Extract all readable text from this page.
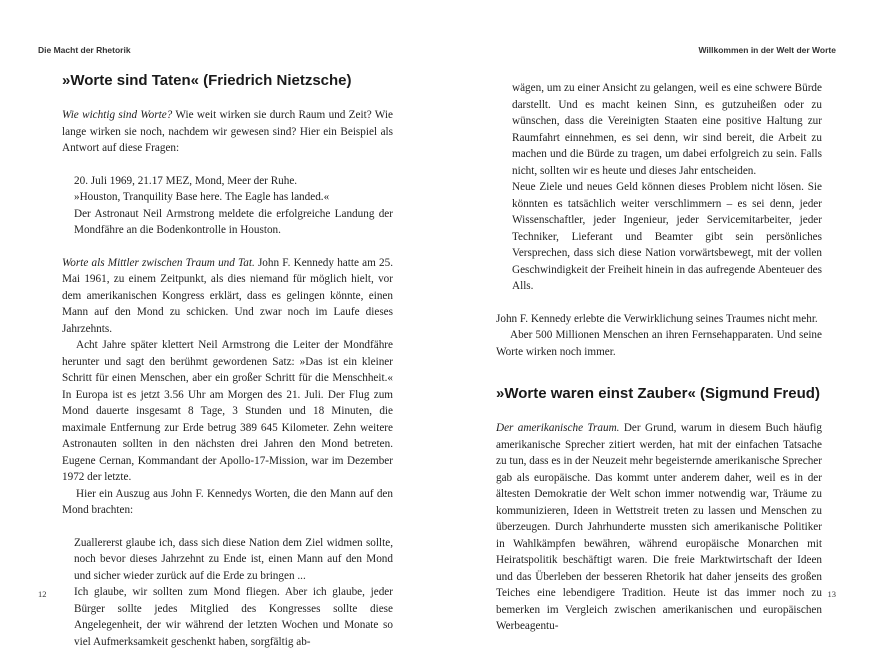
Die Macht der Rhetorik
12
»Worte sind Taten« (Friedrich Nietzsche)

Wie wichtig sind Worte? Wie weit wirken sie durch Raum und Zeit? Wie lange wirken sie noch, nachdem wir gewesen sind? Hier ein Beispiel als Antwort auf diese Fragen:

20. Juli 1969, 21.17 MEZ, Mond, Meer der Ruhe.

»Houston, Tranquility Base here. The Eagle has landed.«

Der Astronaut Neil Armstrong meldete die erfolgreiche Landung der Mondfähre an die Bodenkontrolle in Houston.

Worte als Mittler zwischen Traum und Tat. John F. Kennedy hatte am 25. Mai 1961, zu einem Zeitpunkt, als dies niemand für möglich hielt, vor dem amerikanischen Kongress erklärt, dass es gelingen könnte, einen Mann auf den Mond zu schicken. Und zwar noch im Laufe dieses Jahrzehnts.

Acht Jahre später klettert Neil Armstrong die Leiter der Mondfähre herunter und sagt den berühmt gewordenen Satz: »Das ist ein kleiner Schritt für einen Menschen, aber ein großer Schritt für die Menschheit.« In Europa ist es jetzt 3.56 Uhr am Morgen des 21. Juli. Der Flug zum Mond dauerte insgesamt 8 Tage, 3 Stunden und 18 Minuten, die maximale Entfernung zur Erde betrug 389 645 Kilometer. Zehn weitere Astronauten sollten in den nächsten drei Jahren den Mond betreten. Eugene Cernan, Kommandant der Apollo-17-Mission, war im Dezember 1972 der letzte.

Hier ein Auszug aus John F. Kennedys Worten, die den Mann auf den Mond brachten:

Zuallererst glaube ich, dass sich diese Nation dem Ziel widmen sollte, noch bevor dieses Jahrzehnt zu Ende ist, einen Mann auf den Mond und sicher wieder zurück auf die Erde zu bringen ...

Ich glaube, wir sollten zum Mond fliegen. Aber ich glaube, jeder Bürger sollte jedes Mitglied des Kongresses sollte diese Angelegenheit, der wir während der letzten Wochen und Monate so viel Aufmerksamkeit geschenkt haben, sorgfältig ab-

Willkommen in der Welt der Worte
13

wägen, um zu einer Ansicht zu gelangen, weil es eine schwere Bürde darstellt. Und es macht keinen Sinn, es gutzuheißen oder zu wünschen, dass die Vereinigten Staaten eine positive Haltung zur Raumfahrt einnehmen, es sei denn, wir sind bereit, die Arbeit zu machen und die Bürde zu tragen, um dabei erfolgreich zu sein. Falls nicht, sollten wir es heute und dieses Jahr entscheiden.

Neue Ziele und neues Geld können dieses Problem nicht lösen. Sie könnten es tatsächlich weiter verschlimmern – es sei denn, jeder Wissenschaftler, jeder Ingenieur, jeder Servicemitarbeiter, jeder Techniker, Lieferant und Beamter gibt sein persönliches Versprechen, dass sich diese Nation vorwärtsbewegt, mit der vollen Geschwindigkeit der Freiheit hinein in das aufregende Abenteuer des Alls.

John F. Kennedy erlebte die Verwirklichung seines Traumes nicht mehr.

Aber 500 Millionen Menschen an ihren Fernsehapparaten. Und seine Worte wirken noch immer.

»Worte waren einst Zauber« (Sigmund Freud)

Der amerikanische Traum. Der Grund, warum in diesem Buch häufig amerikanische Sprecher zitiert werden, hat mit der einfachen Tatsache zu tun, dass es in der Neuzeit mehr begeisternde amerikanische Sprecher gab als europäische. Das kommt unter anderem daher, weil es in der ältesten Demokratie der Welt schon immer notwendig war, Träume zu kommunizieren, Ideen in Wettstreit treten zu lassen und Menschen zu überzeugen. Durch Jahrhunderte mussten sich amerikanische Politiker in Wahlkämpfen bewähren, während europäische Monarchen mit Heiratspolitik beschäftigt waren. Die freie Marktwirtschaft der Ideen und das Überleben der besseren Rhetorik hat daher jenseits des großen Teiches eine lebendigere Tradition. Heute ist das immer noch zu bemerken im Vergleich zwischen amerikanischen und europäischen Werbeagentu-
